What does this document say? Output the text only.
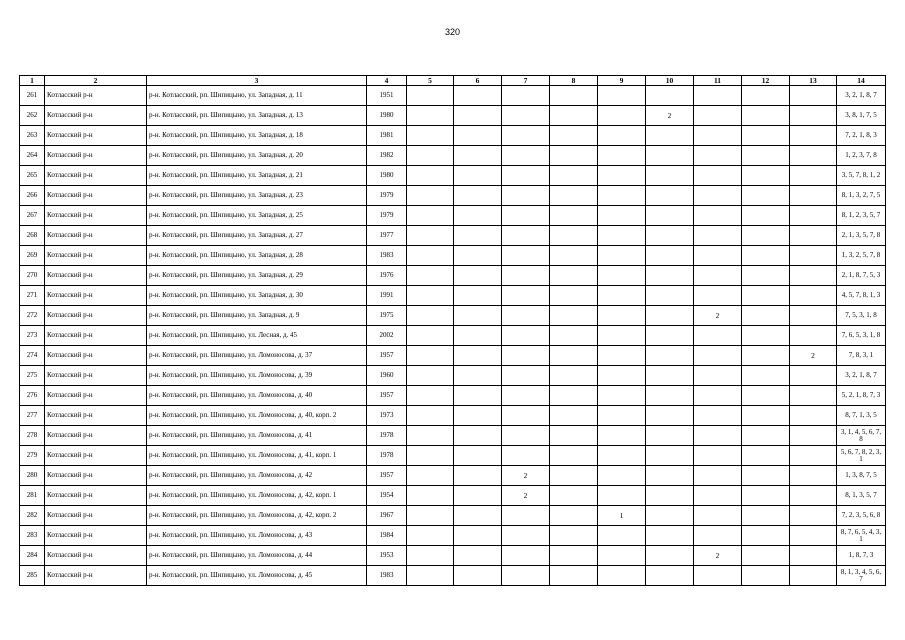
320
1	2	3	4	5	6	7	8	9	10	11	12	13	14
261	Котласский р-н	р-н. Котласский, рп. Шипицыно, ул. Западная, д. 11	1951										3, 2, 1, 8, 7
262	Котласский р-н	р-н. Котласский, рп. Шипицыно, ул. Западная, д. 13	1980						2				3, 8, 1, 7, 5
263	Котласский р-н	р-н. Котласский, рп. Шипицыно, ул. Западная, д. 18	1981										7, 2, 1, 8, 3
264	Котласский р-н	р-н. Котласский, рп. Шипицыно, ул. Западная, д. 20	1982										1, 2, 3, 7, 8
265	Котласский р-н	р-н. Котласский, рп. Шипицыно, ул. Западная, д. 21	1980										3, 5, 7, 8, 1, 2
266	Котласский р-н	р-н. Котласский, рп. Шипицыно, ул. Западная, д. 23	1979										8, 1, 3, 2, 7, 5
267	Котласский р-н	р-н. Котласский, рп. Шипицыно, ул. Западная, д. 25	1979										8, 1, 2, 3, 5, 7
268	Котласский р-н	р-н. Котласский, рп. Шипицыно, ул. Западная, д. 27	1977										2, 1, 3, 5, 7, 8
269	Котласский р-н	р-н. Котласский, рп. Шипицыно, ул. Западная, д. 28	1983										1, 3, 2, 5, 7, 8
270	Котласский р-н	р-н. Котласский, рп. Шипицыно, ул. Западная, д. 29	1976										2, 1, 8, 7, 5, 3
271	Котласский р-н	р-н. Котласский, рп. Шипицыно, ул. Западная, д. 30	1991										4, 5, 7, 8, 1, 3
272	Котласский р-н	р-н. Котласский, рп. Шипицыно, ул. Западная, д. 9	1975							2			7, 5, 3, 1, 8
273	Котласский р-н	р-н. Котласский, рп. Шипицыно, ул. Лесная, д. 45	2002										7, 6, 5, 3, 1, 8
274	Котласский р-н	р-н. Котласский, рп. Шипицыно, ул. Ломоносова, д. 37	1957									2	7, 8, 3, 1
275	Котласский р-н	р-н. Котласский, рп. Шипицыно, ул. Ломоносова, д. 39	1960										3, 2, 1, 8, 7
276	Котласский р-н	р-н. Котласский, рп. Шипицыно, ул. Ломоносова, д. 40	1957										5, 2, 1, 8, 7, 3
277	Котласский р-н	р-н. Котласский, рп. Шипицыно, ул. Ломоносова, д. 40, корп. 2	1973										8, 7, 1, 3, 5
278	Котласский р-н	р-н. Котласский, рп. Шипицыно, ул. Ломоносова, д. 41	1978										3, 1, 4, 5, 6, 7, 8
279	Котласский р-н	р-н. Котласский, рп. Шипицыно, ул. Ломоносова, д. 41, корп. 1	1978										5, 6, 7, 8, 2, 3, 1
280	Котласский р-н	р-н. Котласский, рп. Шипицыно, ул. Ломоносова, д. 42	1957			2							1, 3, 8, 7, 5
281	Котласский р-н	р-н. Котласский, рп. Шипицыно, ул. Ломоносова, д. 42, корп. 1	1954			2							8, 1, 3, 5, 7
282	Котласский р-н	р-н. Котласский, рп. Шипицыно, ул. Ломоносова, д. 42, корп. 2	1967					1					7, 2, 3, 5, 6, 8
283	Котласский р-н	р-н. Котласский, рп. Шипицыно, ул. Ломоносова, д. 43	1984										8, 7, 6, 5, 4, 3, 1
284	Котласский р-н	р-н. Котласский, рп. Шипицыно, ул. Ломоносова, д. 44	1953							2			1, 8, 7, 3
285	Котласский р-н	р-н. Котласский, рп. Шипицыно, ул. Ломоносова, д. 45	1983										8, 1, 3, 4, 5, 6, 7
